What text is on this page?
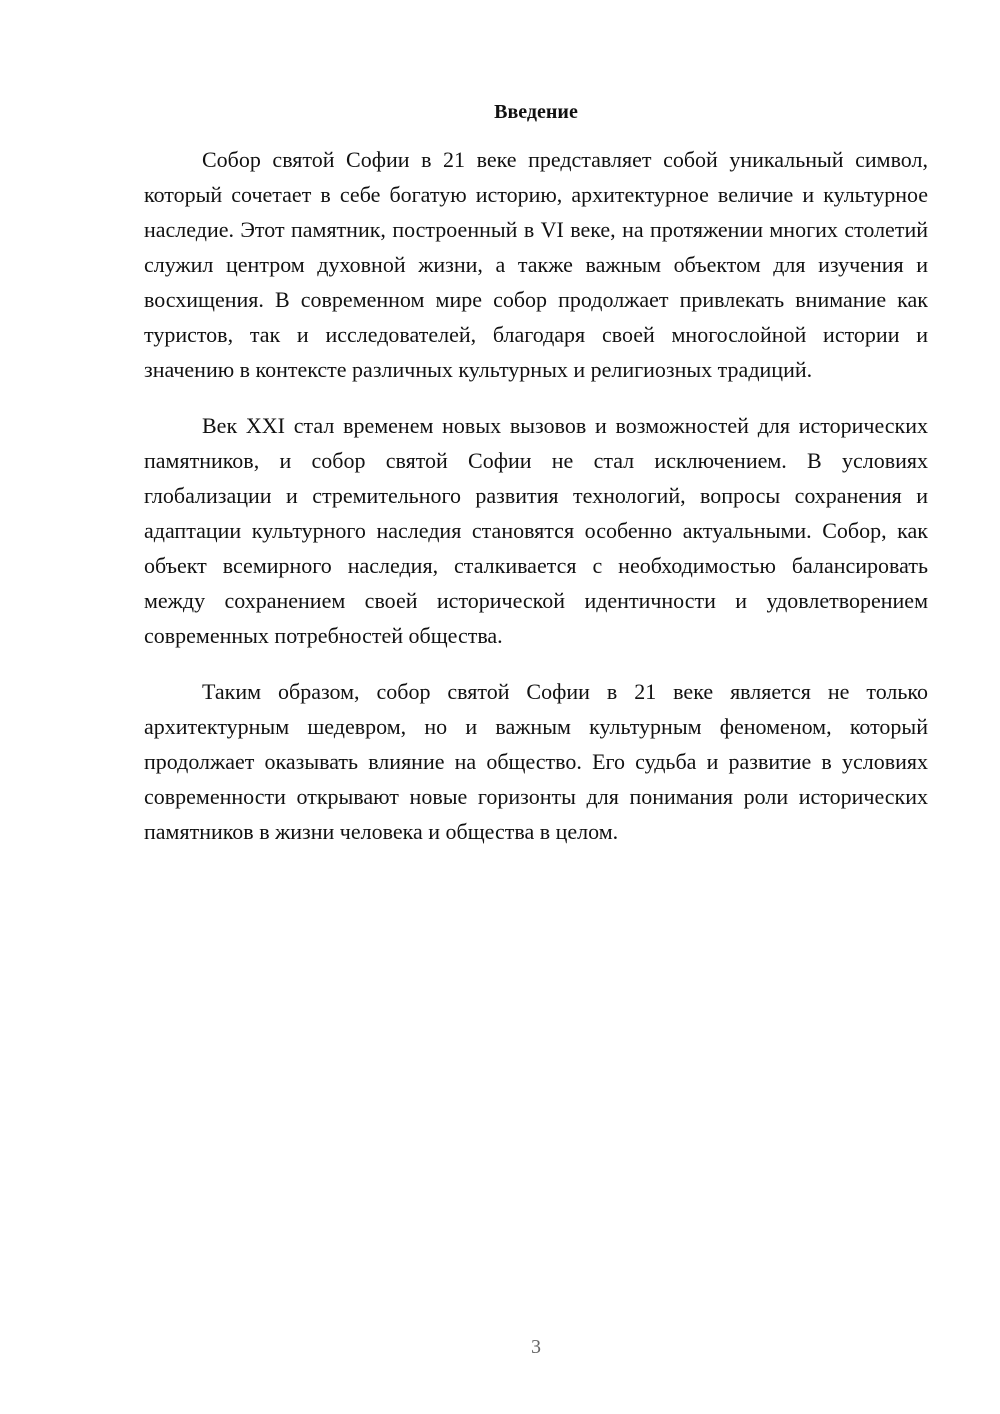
Введение

Собор святой Софии в 21 веке представляет собой уникальный символ, который сочетает в себе богатую историю, архитектурное величие и культурное наследие. Этот памятник, построенный в VI веке, на протяжении многих столетий служил центром духовной жизни, а также важным объектом для изучения и восхищения. В современном мире собор продолжает привлекать внимание как туристов, так и исследователей, благодаря своей многослойной истории и значению в контексте различных культурных и религиозных традиций.

Век XXI стал временем новых вызовов и возможностей для исторических памятников, и собор святой Софии не стал исключением. В условиях глобализации и стремительного развития технологий, вопросы сохранения и адаптации культурного наследия становятся особенно актуальными. Собор, как объект всемирного наследия, сталкивается с необходимостью балансировать между сохранением своей исторической идентичности и удовлетворением современных потребностей общества.

Таким образом, собор святой Софии в 21 веке является не только архитектурным шедевром, но и важным культурным феноменом, который продолжает оказывать влияние на общество. Его судьба и развитие в условиях современности открывают новые горизонты для понимания роли исторических памятников в жизни человека и общества в целом.

3
